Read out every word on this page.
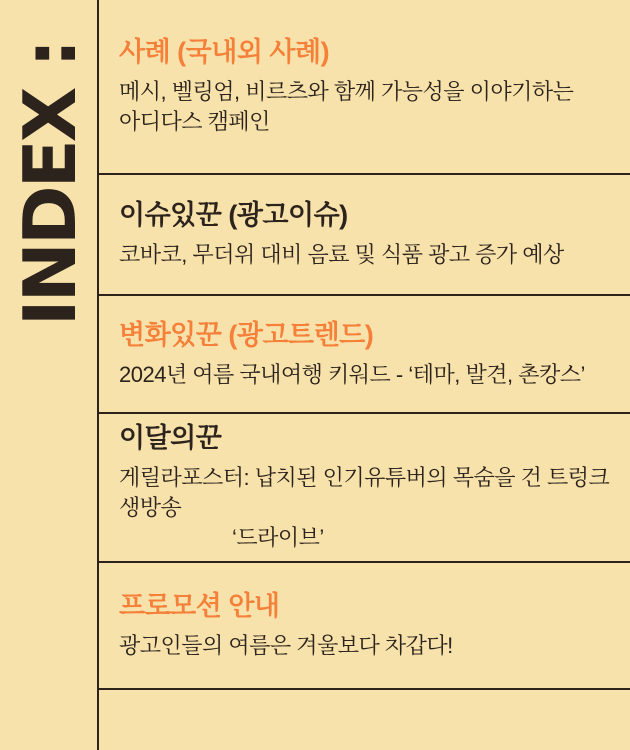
INDEX : 사례 (국내외 사례)
메시, 벨링엄, 비르츠와 함께 가능성을 이야기하는
아디다스 캠페인
이슈있꾼 (광고이슈)
코바코, 무더위 대비 음료 및 식품 광고 증가 예상
변화있꾼 (광고트렌드)
2024년 여름 국내여행 키워드 - ‘테마, 발견, 촌캉스’
이달의꾼
게릴라포스터: 납치된 인기유튜버의 목숨을 건 트렁크 생방송
‘드라이브’
프로모션 안내
광고인들의 여름은 겨울보다 차갑다!
